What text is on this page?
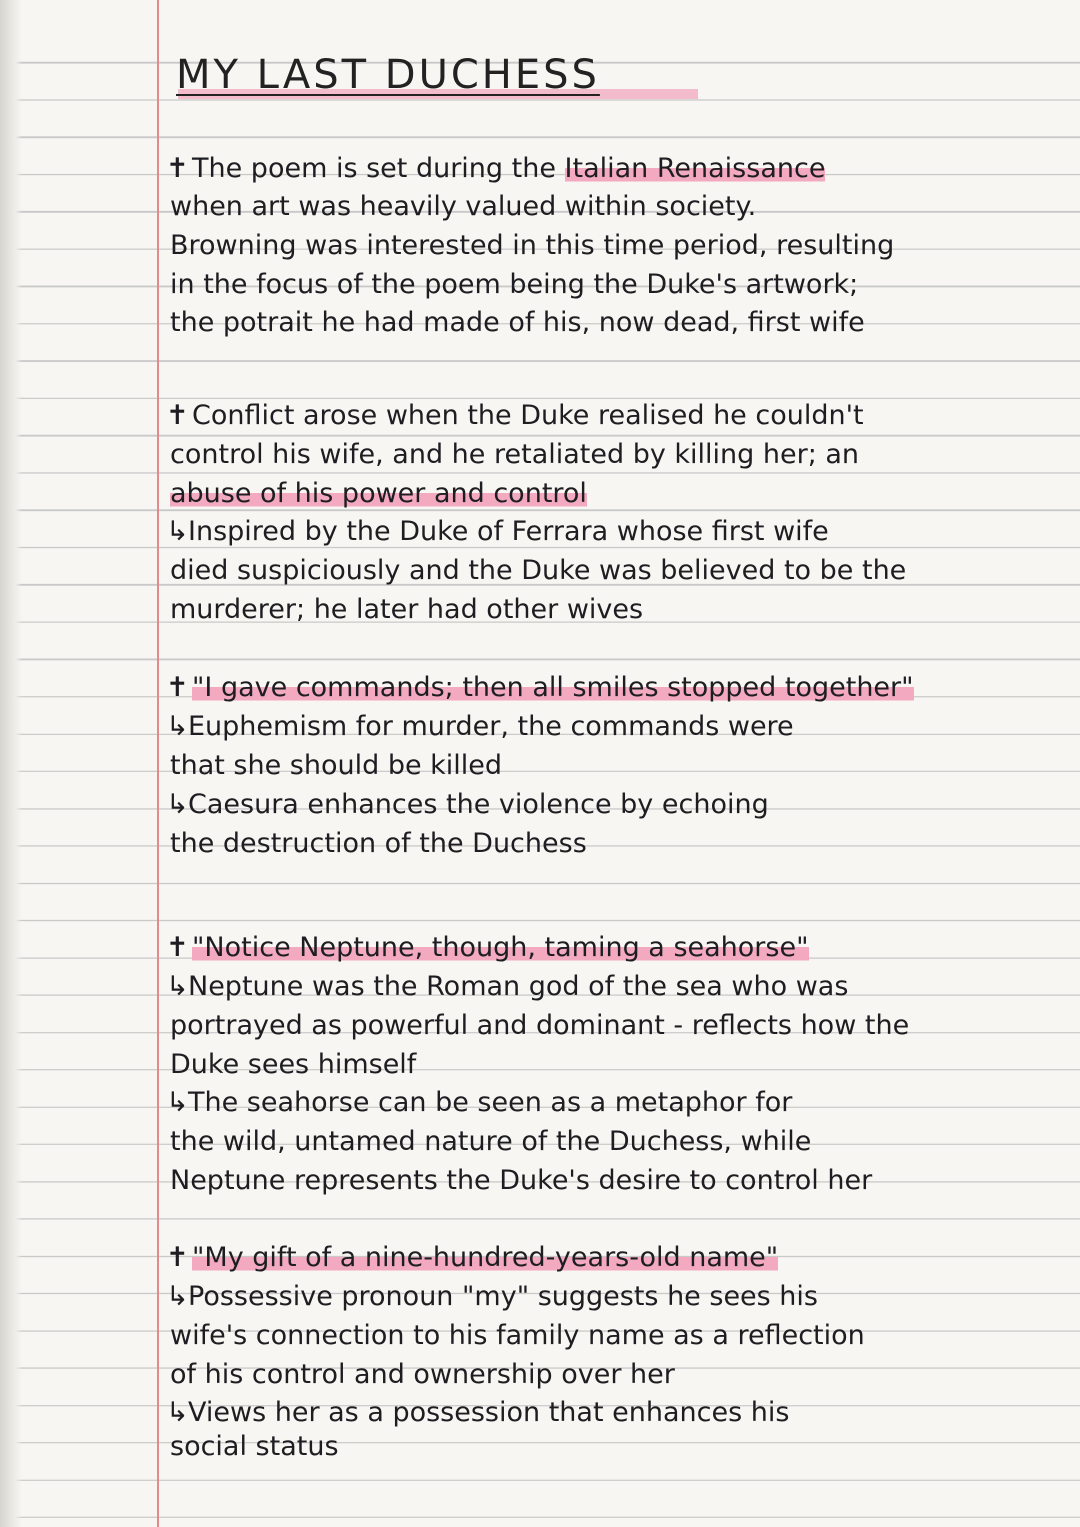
MY LAST DUCHESS
✝ The poem is set during the Italian Renaissance
when art was heavily valued within society.
Browning was interested in this time period, resulting
in the focus of the poem being the Duke's artwork;
the potrait he had made of his, now dead, first wife
✝ Conflict arose when the Duke realised he couldn't
control his wife, and he retaliated by killing her; an
abuse of his power and control
↳Inspired by the Duke of Ferrara whose first wife
died suspiciously and the Duke was believed to be the
murderer; he later had other wives
✝ "I gave commands; then all smiles stopped together"
↳Euphemism for murder, the commands were
that she should be killed
↳Caesura enhances the violence by echoing
the destruction of the Duchess
✝ "Notice Neptune, though, taming a seahorse"
↳Neptune was the Roman god of the sea who was
portrayed as powerful and dominant - reflects how the
Duke sees himself
↳The seahorse can be seen as a metaphor for
the wild, untamed nature of the Duchess, while
Neptune represents the Duke's desire to control her
✝ "My gift of a nine-hundred-years-old name"
↳Possessive pronoun "my" suggests he sees his
wife's connection to his family name as a reflection
of his control and ownership over her
↳Views her as a possession that enhances his
social status
